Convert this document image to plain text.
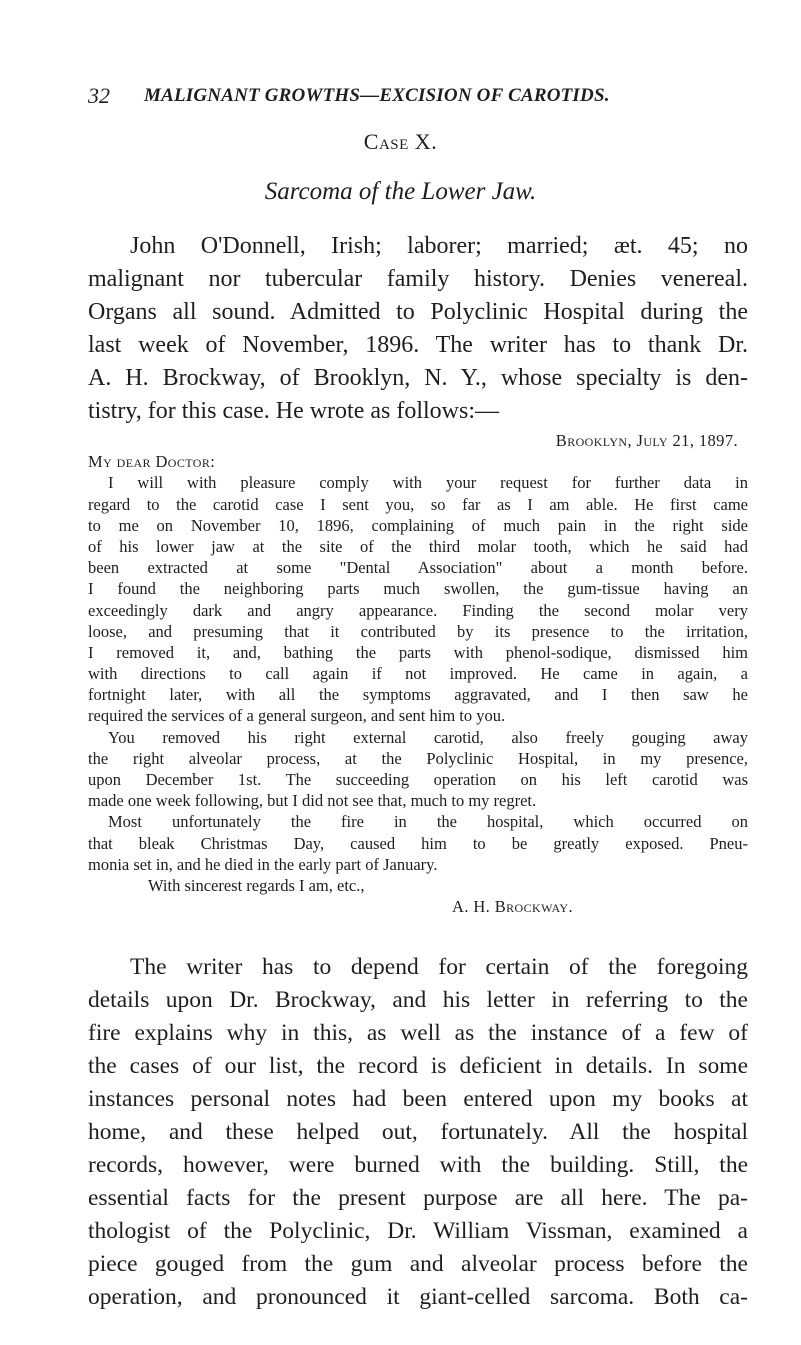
32 MALIGNANT GROWTHS—EXCISION OF CAROTIDS.
Case X.
Sarcoma of the Lower Jaw.
John O'Donnell, Irish; laborer; married; æt. 45; no
malignant nor tubercular family history. Denies venereal.
Organs all sound. Admitted to Polyclinic Hospital during the
last week of November, 1896. The writer has to thank Dr.
A. H. Brockway, of Brooklyn, N. Y., whose specialty is den-
tistry, for this case. He wrote as follows:—
Brooklyn, July 21, 1897.
My dear Doctor:
I will with pleasure comply with your request for further data in
regard to the carotid case I sent you, so far as I am able. He first came
to me on November 10, 1896, complaining of much pain in the right side
of his lower jaw at the site of the third molar tooth, which he said had
been extracted at some "Dental Association" about a month before.
I found the neighboring parts much swollen, the gum-tissue having an
exceedingly dark and angry appearance. Finding the second molar very
loose, and presuming that it contributed by its presence to the irritation,
I removed it, and, bathing the parts with phenol-sodique, dismissed him
with directions to call again if not improved. He came in again, a
fortnight later, with all the symptoms aggravated, and I then saw he
required the services of a general surgeon, and sent him to you.
You removed his right external carotid, also freely gouging away
the right alveolar process, at the Polyclinic Hospital, in my presence,
upon December 1st. The succeeding operation on his left carotid was
made one week following, but I did not see that, much to my regret.
Most unfortunately the fire in the hospital, which occurred on
that bleak Christmas Day, caused him to be greatly exposed. Pneu-
monia set in, and he died in the early part of January.
With sincerest regards I am, etc.,
A. H. Brockway.
The writer has to depend for certain of the foregoing
details upon Dr. Brockway, and his letter in referring to the
fire explains why in this, as well as the instance of a few of
the cases of our list, the record is deficient in details. In some
instances personal notes had been entered upon my books at
home, and these helped out, fortunately. All the hospital
records, however, were burned with the building. Still, the
essential facts for the present purpose are all here. The pa-
thologist of the Polyclinic, Dr. William Vissman, examined a
piece gouged from the gum and alveolar process before the
operation, and pronounced it giant-celled sarcoma. Both ca-
